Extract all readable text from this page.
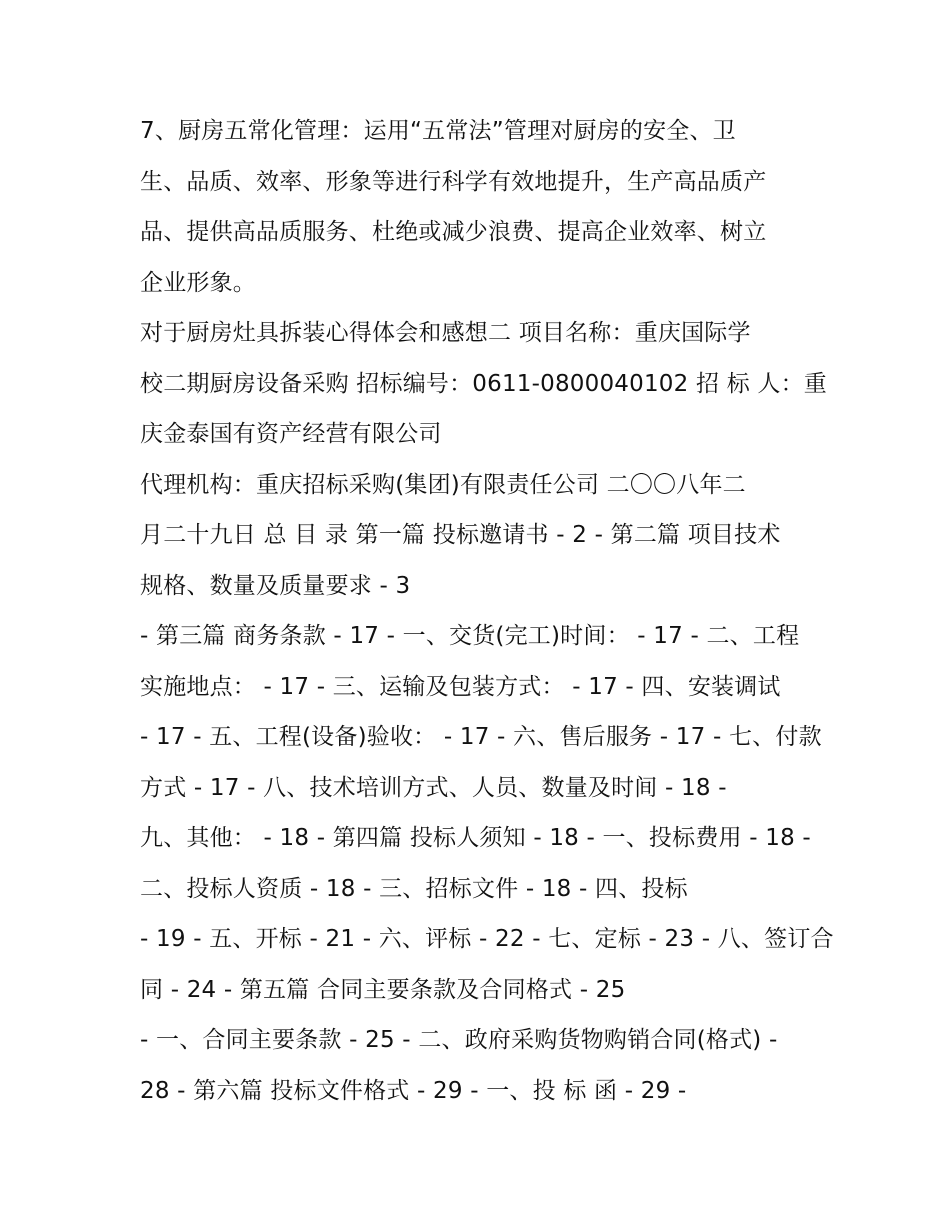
7、厨房五常化管理：运用“五常法”管理对厨房的安全、卫
生、品质、效率、形象等进行科学有效地提升，生产高品质产
品、提供高品质服务、杜绝或减少浪费、提高企业效率、树立
企业形象。
对于厨房灶具拆装心得体会和感想二 项目名称：重庆国际学
校二期厨房设备采购 招标编号：0611-0800040102 招 标 人：重
庆金泰国有资产经营有限公司
代理机构：重庆招标采购(集团)有限责任公司 二〇〇八年二
月二十九日 总 目 录 第一篇 投标邀请书 - 2 - 第二篇 项目技术
规格、数量及质量要求 - 3
- 第三篇 商务条款 - 17 - 一、交货(完工)时间： - 17 - 二、工程
实施地点： - 17 - 三、运输及包装方式： - 17 - 四、安装调试
- 17 - 五、工程(设备)验收： - 17 - 六、售后服务 - 17 - 七、付款
方式 - 17 - 八、技术培训方式、人员、数量及时间 - 18 -
九、其他： - 18 - 第四篇 投标人须知 - 18 - 一、投标费用 - 18 -
二、投标人资质 - 18 - 三、招标文件 - 18 - 四、投标
- 19 - 五、开标 - 21 - 六、评标 - 22 - 七、定标 - 23 - 八、签订合
同 - 24 - 第五篇 合同主要条款及合同格式 - 25
- 一、合同主要条款 - 25 - 二、政府采购货物购销合同(格式) -
28 - 第六篇 投标文件格式 - 29 - 一、投 标 函 - 29 -
